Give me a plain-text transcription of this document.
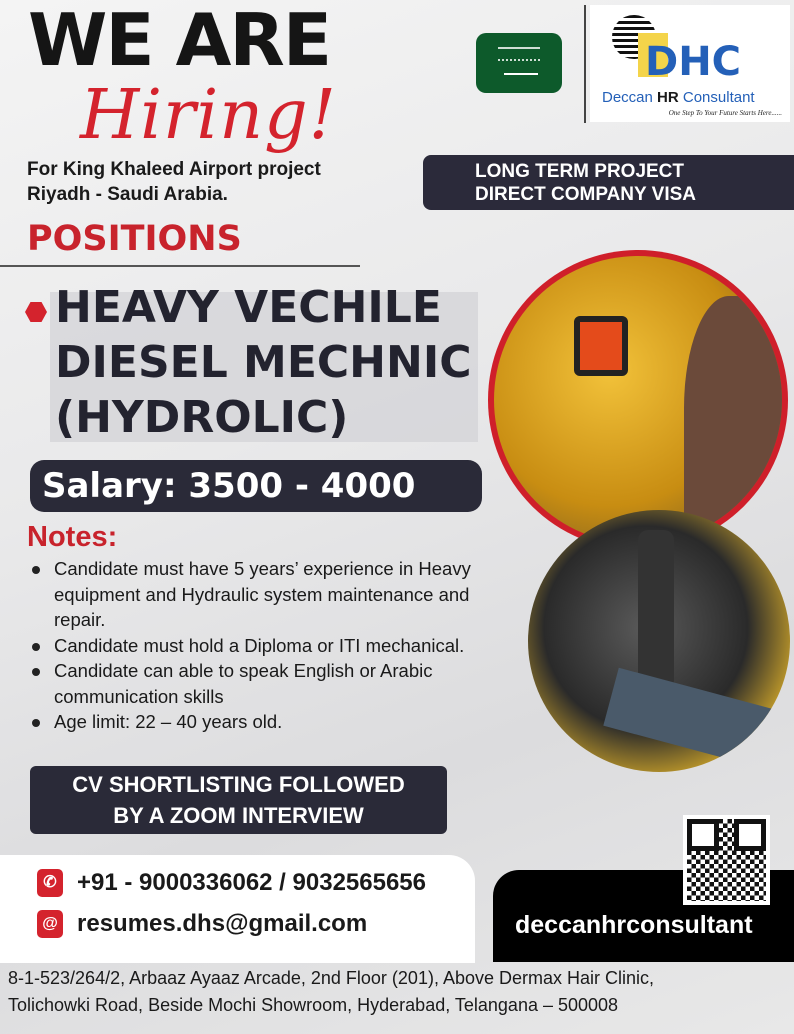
WE ARE
Hiring!
For King Khaleed Airport project
Riyadh - Saudi Arabia.
DHC
Deccan HR Consultant
One Step To Your Future Starts Here......
LONG TERM PROJECT
DIRECT COMPANY VISA
POSITIONS
HEAVY VECHILE
DIESEL MECHNIC
(HYDROLIC)
Salary: 3500 - 4000
Notes:
Candidate must have 5 years’ experience in Heavy equipment and Hydraulic system maintenance and repair.
Candidate must hold a Diploma or ITI mechanical.
Candidate can able to speak English or Arabic communication skills
Age limit: 22 – 40 years old.
CV SHORTLISTING FOLLOWED
BY A ZOOM INTERVIEW
✆ +91 - 9000336062 / 9032565656
@ resumes.dhs@gmail.com	deccanhrconsultant
8-1-523/264/2, Arbaaz Ayaaz Arcade, 2nd Floor (201), Above Dermax Hair Clinic,
Tolichowki Road, Beside Mochi Showroom, Hyderabad, Telangana – 500008
